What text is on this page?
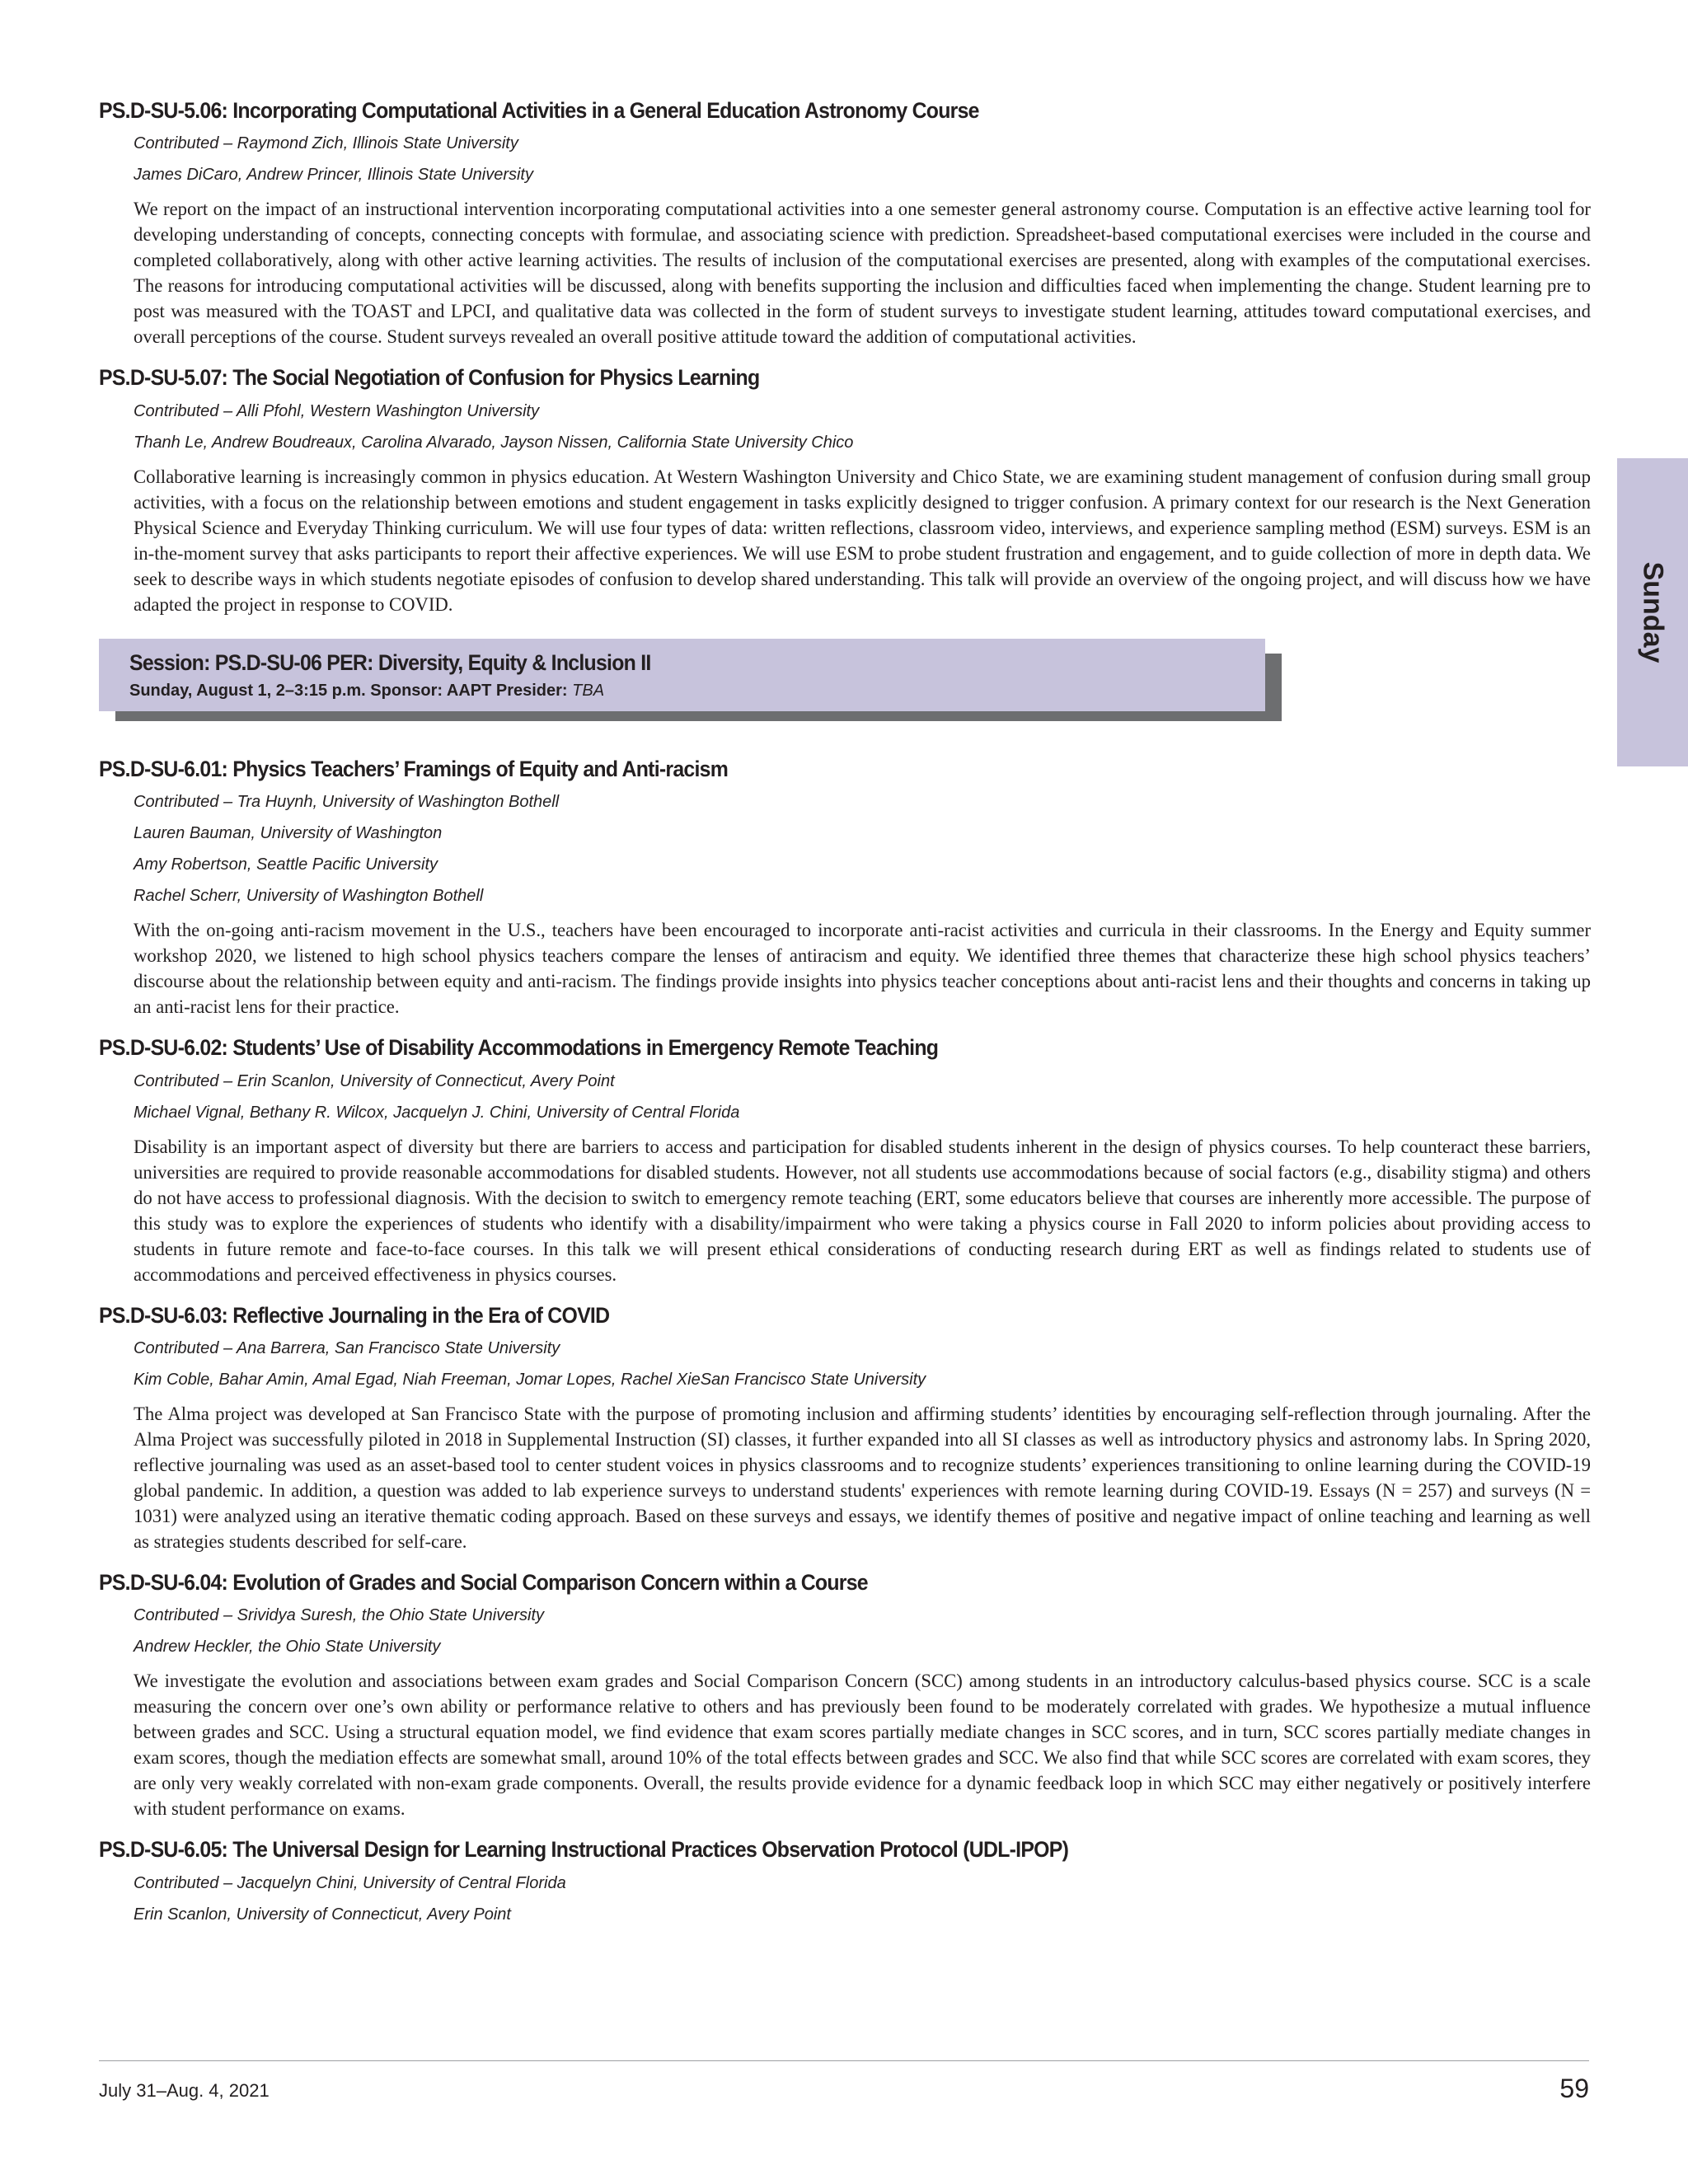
PS.D-SU-5.06: Incorporating Computational Activities in a General Education Astronomy Course
Contributed – Raymond Zich, Illinois State University
James DiCaro, Andrew Princer, Illinois State University
We report on the impact of an instructional intervention incorporating computational activities into a one semester general astronomy course. Computation is an effective active learning tool for developing understanding of concepts, connecting concepts with formulae, and associating science with prediction. Spreadsheet-based computational exercises were included in the course and completed collaboratively, along with other active learning activities. The results of inclusion of the computational exercises are presented, along with examples of the computational exercises. The reasons for introducing computational activities will be discussed, along with benefits supporting the inclusion and difficulties faced when implementing the change. Student learning pre to post was measured with the TOAST and LPCI, and qualitative data was collected in the form of student surveys to investigate student learning, attitudes toward computational exercises, and overall perceptions of the course. Student surveys revealed an overall positive attitude toward the addition of computational activities.
PS.D-SU-5.07: The Social Negotiation of Confusion for Physics Learning
Contributed – Alli Pfohl, Western Washington University
Thanh Le, Andrew Boudreaux, Carolina Alvarado, Jayson Nissen, California State University Chico
Collaborative learning is increasingly common in physics education. At Western Washington University and Chico State, we are examining student management of confusion during small group activities, with a focus on the relationship between emotions and student engagement in tasks explicitly designed to trigger confusion. A primary context for our research is the Next Generation Physical Science and Everyday Thinking curriculum. We will use four types of data: written reflections, classroom video, interviews, and experience sampling method (ESM) surveys. ESM is an in-the-moment survey that asks participants to report their affective experiences. We will use ESM to probe student frustration and engagement, and to guide collection of more in depth data. We seek to describe ways in which students negotiate episodes of confusion to develop shared understanding. This talk will provide an overview of the ongoing project, and will discuss how we have adapted the project in response to COVID.
Session: PS.D-SU-06 PER: Diversity, Equity & Inclusion II
Sunday, August 1, 2–3:15 p.m. Sponsor: AAPT Presider: TBA
PS.D-SU-6.01: Physics Teachers’ Framings of Equity and Anti-racism
Contributed – Tra Huynh, University of Washington Bothell
Lauren Bauman, University of Washington
Amy Robertson, Seattle Pacific University
Rachel Scherr, University of Washington Bothell
With the on-going anti-racism movement in the U.S., teachers have been encouraged to incorporate anti-racist activities and curricula in their classrooms. In the Energy and Equity summer workshop 2020, we listened to high school physics teachers compare the lenses of antiracism and equity. We identified three themes that characterize these high school physics teachers’ discourse about the relationship between equity and anti-racism. The findings provide insights into physics teacher conceptions about anti-racist lens and their thoughts and concerns in taking up an anti-racist lens for their practice.
PS.D-SU-6.02: Students’ Use of Disability Accommodations in Emergency Remote Teaching
Contributed – Erin Scanlon, University of Connecticut, Avery Point
Michael Vignal, Bethany R. Wilcox, Jacquelyn J. Chini, University of Central Florida
Disability is an important aspect of diversity but there are barriers to access and participation for disabled students inherent in the design of physics courses. To help counteract these barriers, universities are required to provide reasonable accommodations for disabled students. However, not all students use accommodations because of social factors (e.g., disability stigma) and others do not have access to professional diagnosis. With the decision to switch to emergency remote teaching (ERT, some educators believe that courses are inherently more accessible. The purpose of this study was to explore the experiences of students who identify with a disability/impairment who were taking a physics course in Fall 2020 to inform policies about providing access to students in future remote and face-to-face courses. In this talk we will present ethical considerations of conducting research during ERT as well as findings related to students use of accommodations and perceived effectiveness in physics courses.
PS.D-SU-6.03: Reflective Journaling in the Era of COVID
Contributed – Ana Barrera, San Francisco State University
Kim Coble, Bahar Amin, Amal Egad, Niah Freeman, Jomar Lopes, Rachel XieSan Francisco State University
The Alma project was developed at San Francisco State with the purpose of promoting inclusion and affirming students’ identities by encouraging self-reflection through journaling. After the Alma Project was successfully piloted in 2018 in Supplemental Instruction (SI) classes, it further expanded into all SI classes as well as introductory physics and astronomy labs. In Spring 2020, reflective journaling was used as an asset-based tool to center student voices in physics classrooms and to recognize students’ experiences transitioning to online learning during the COVID-19 global pandemic. In addition, a question was added to lab experience surveys to understand students' experiences with remote learning during COVID-19. Essays (N = 257) and surveys (N = 1031) were analyzed using an iterative thematic coding approach. Based on these surveys and essays, we identify themes of positive and negative impact of online teaching and learning as well as strategies students described for self-care.
PS.D-SU-6.04: Evolution of Grades and Social Comparison Concern within a Course
Contributed – Srividya Suresh, the Ohio State University
Andrew Heckler, the Ohio State University
We investigate the evolution and associations between exam grades and Social Comparison Concern (SCC) among students in an introductory calculus-based physics course. SCC is a scale measuring the concern over one’s own ability or performance relative to others and has previously been found to be moderately correlated with grades. We hypothesize a mutual influence between grades and SCC. Using a structural equation model, we find evidence that exam scores partially mediate changes in SCC scores, and in turn, SCC scores partially mediate changes in exam scores, though the mediation effects are somewhat small, around 10% of the total effects between grades and SCC. We also find that while SCC scores are correlated with exam scores, they are only very weakly correlated with non-exam grade components. Overall, the results provide evidence for a dynamic feedback loop in which SCC may either negatively or positively interfere with student performance on exams.
PS.D-SU-6.05: The Universal Design for Learning Instructional Practices Observation Protocol (UDL-IPOP)
Contributed – Jacquelyn Chini, University of Central Florida
Erin Scanlon, University of Connecticut, Avery Point
Sunday
July 31–Aug. 4, 2021	59
